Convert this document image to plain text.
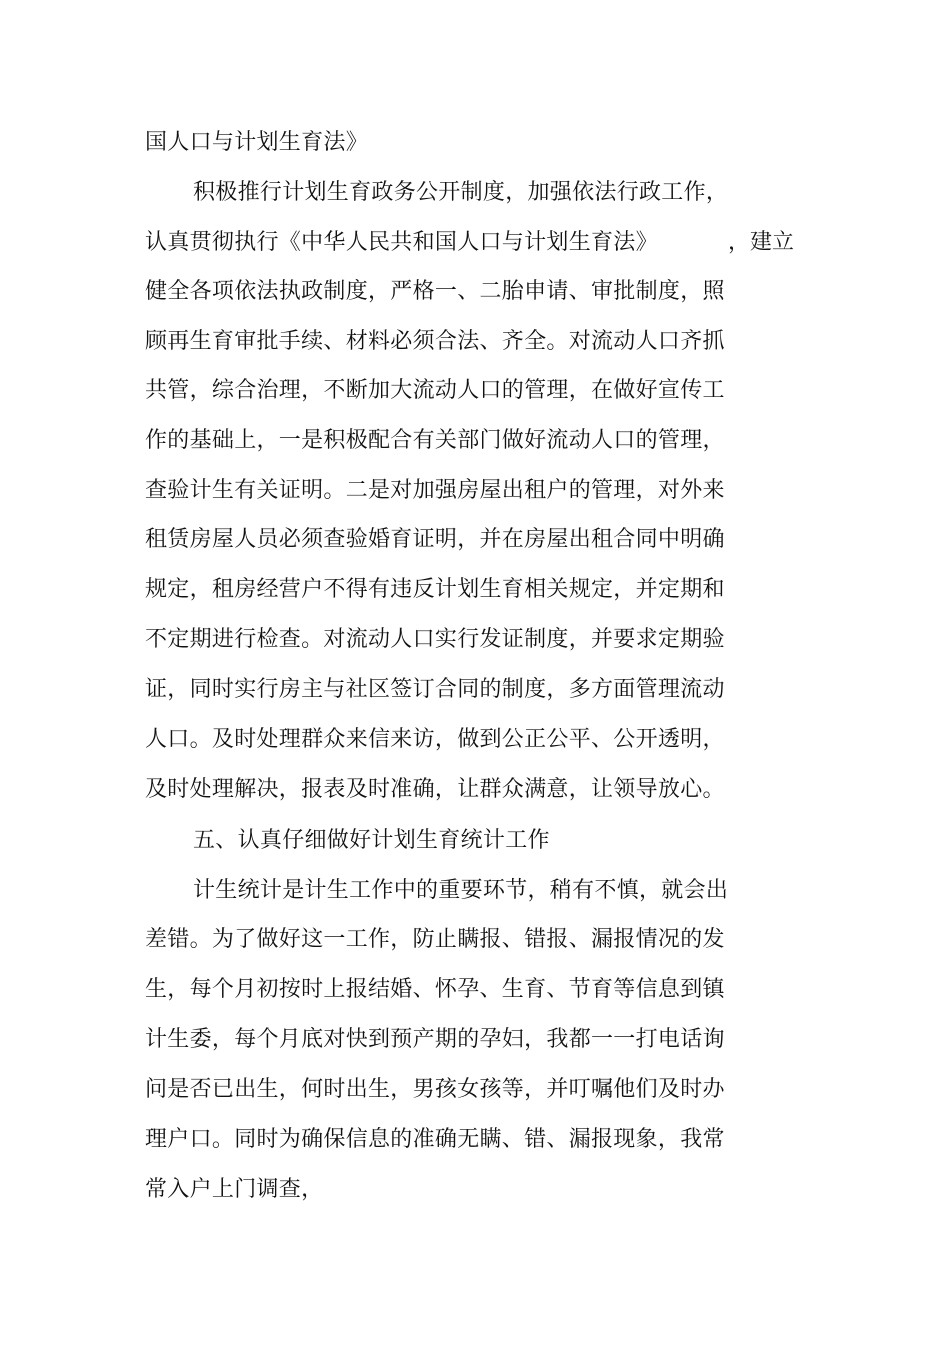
国人口与计划生育法》
积极推行计划生育政务公开制度，加强依法行政工作，
认真贯彻执行《中华人民共和国人口与计划生育法》	，建立
健全各项依法执政制度，严格一、二胎申请、审批制度，照
顾再生育审批手续、材料必须合法、齐全。对流动人口齐抓
共管，综合治理，不断加大流动人口的管理，在做好宣传工
作的基础上，一是积极配合有关部门做好流动人口的管理，
查验计生有关证明。二是对加强房屋出租户的管理，对外来
租赁房屋人员必须查验婚育证明，并在房屋出租合同中明确
规定，租房经营户不得有违反计划生育相关规定，并定期和
不定期进行检查。对流动人口实行发证制度，并要求定期验
证，同时实行房主与社区签订合同的制度，多方面管理流动
人口。及时处理群众来信来访，做到公正公平、公开透明，
及时处理解决，报表及时准确，让群众满意，让领导放心。
五、认真仔细做好计划生育统计工作
计生统计是计生工作中的重要环节，稍有不慎，就会出
差错。为了做好这一工作，防止瞒报、错报、漏报情况的发
生，每个月初按时上报结婚、怀孕、生育、节育等信息到镇
计生委，每个月底对快到预产期的孕妇，我都一一打电话询
问是否已出生，何时出生，男孩女孩等，并叮嘱他们及时办
理户口。同时为确保信息的准确无瞒、错、漏报现象，我常
常入户上门调查，
